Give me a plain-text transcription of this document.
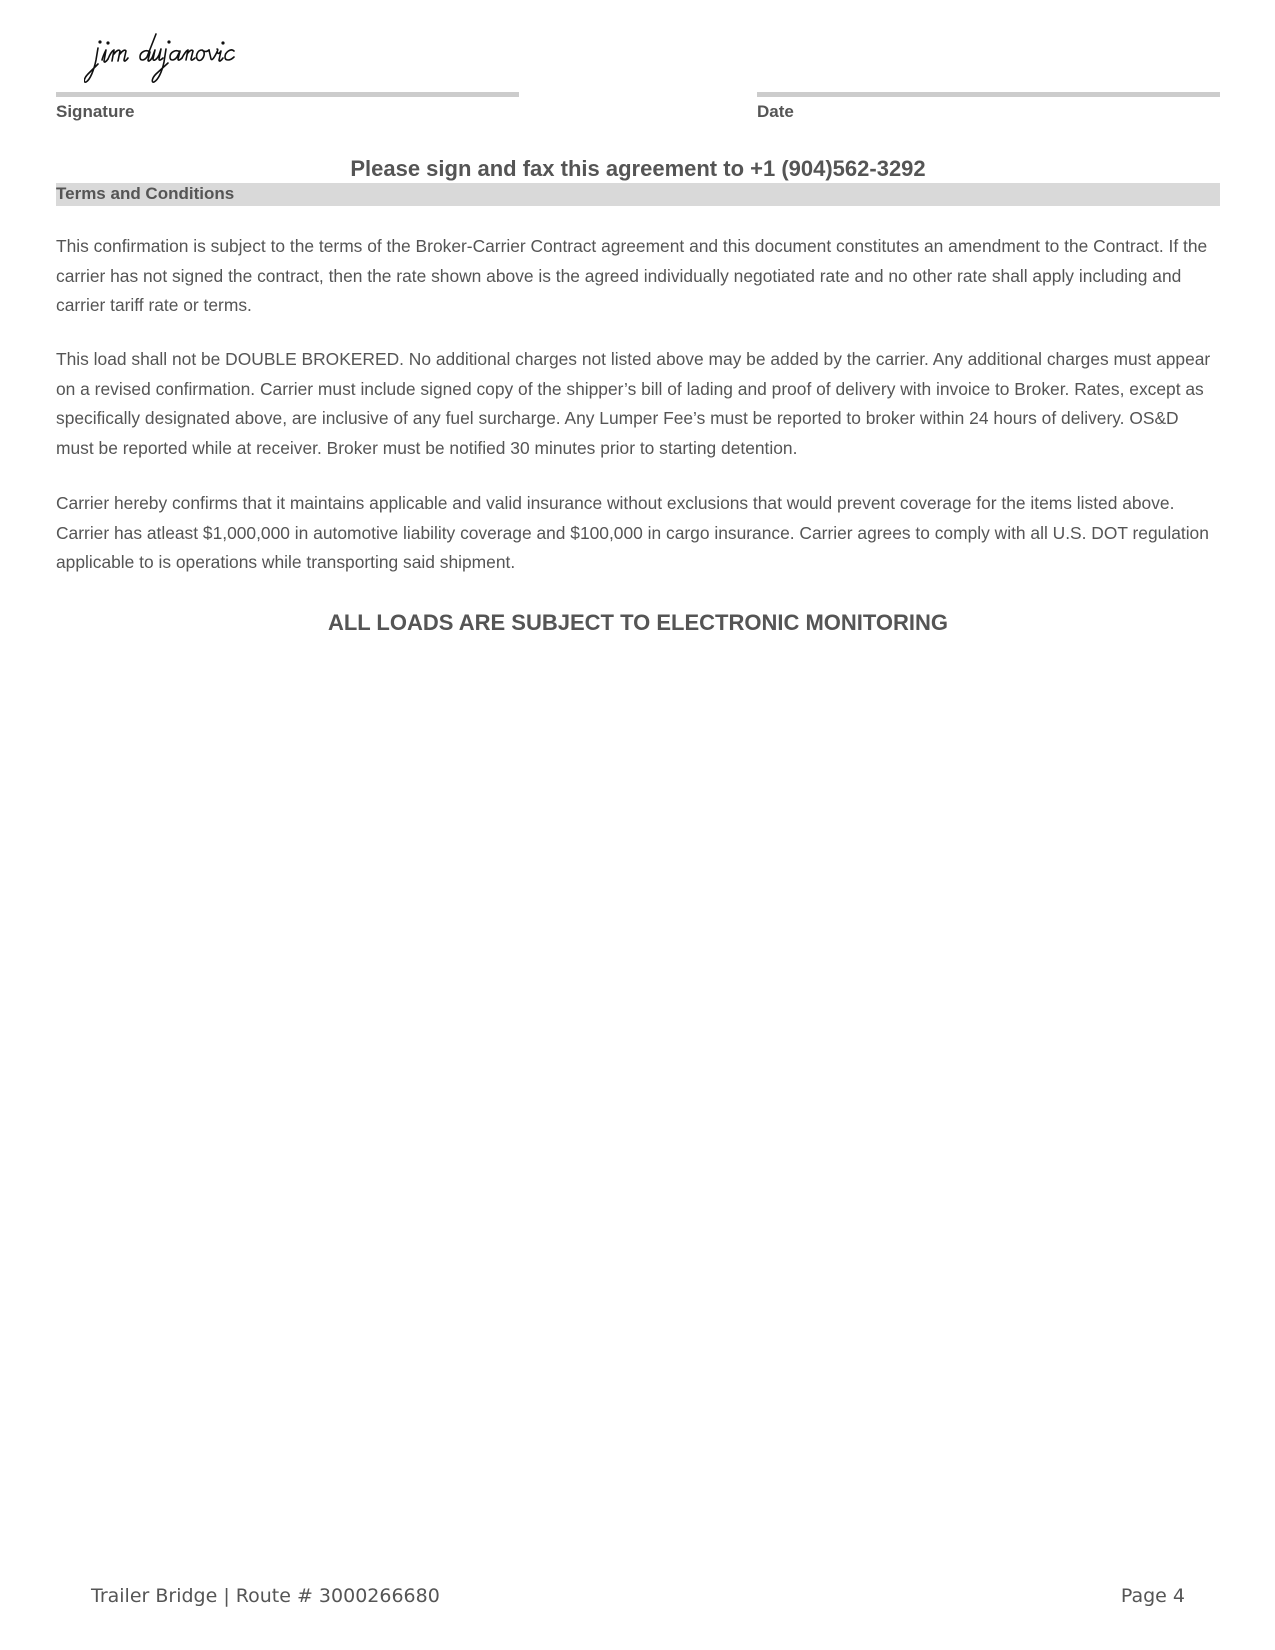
Signature	Date
Please sign and fax this agreement to +1 (904)562-3292
Terms and Conditions

This confirmation is subject to the terms of the Broker-Carrier Contract agreement and this document constitutes an amendment to the Contract. If the carrier has not signed the contract, then the rate shown above is the agreed individually negotiated rate and no other rate shall apply including and carrier tariff rate or terms.

This load shall not be DOUBLE BROKERED. No additional charges not listed above may be added by the carrier. Any additional charges must appear on a revised confirmation. Carrier must include signed copy of the shipper’s bill of lading and proof of delivery with invoice to Broker. Rates, except as specifically designated above, are inclusive of any fuel surcharge. Any Lumper Fee’s must be reported to broker within 24 hours of delivery. OS&D must be reported while at receiver. Broker must be notified 30 minutes prior to starting detention.

Carrier hereby confirms that it maintains applicable and valid insurance without exclusions that would prevent coverage for the items listed above. Carrier has atleast $1,000,000 in automotive liability coverage and $100,000 in cargo insurance. Carrier agrees to comply with all U.S. DOT regulation applicable to is operations while transporting said shipment.

ALL LOADS ARE SUBJECT TO ELECTRONIC MONITORING
Trailer Bridge | Route # 3000266680	Page 4
